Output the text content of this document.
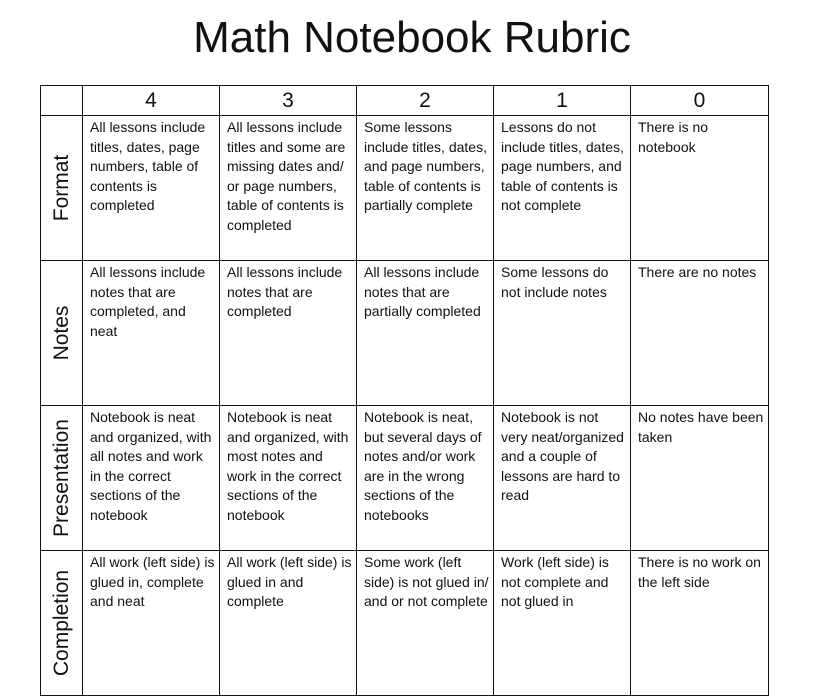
Math Notebook Rubric
	4	3	2	1	0

Format	All lessons include titles, dates, page numbers, table of contents is completed	All lessons include titles and some are missing dates and/ or page numbers, table of contents is completed	Some lessons include titles, dates, and page numbers, table of contents is partially complete	Lessons do not include titles, dates, page numbers, and table of contents is not complete	There is no notebook

Notes	All lessons include notes that are completed, and neat	All lessons include notes that are completed	All lessons include notes that are partially completed	Some lessons do not include notes	There are no notes

Presentation	Notebook is neat and organized, with all notes and work in the correct sections of the notebook	Notebook is neat and organized, with most notes and work in the correct sections of the notebook	Notebook is neat, but several days of notes and/or work are in the wrong sections of the notebooks	Notebook is not very neat/organized and a couple of lessons are hard to read	No notes have been taken

Completion	All work (left side) is glued in, complete and neat	All work (left side) is glued in and complete	Some work (left side) is not glued in/ and or not complete	Work (left side) is not complete and not glued in	There is no work on the left side
